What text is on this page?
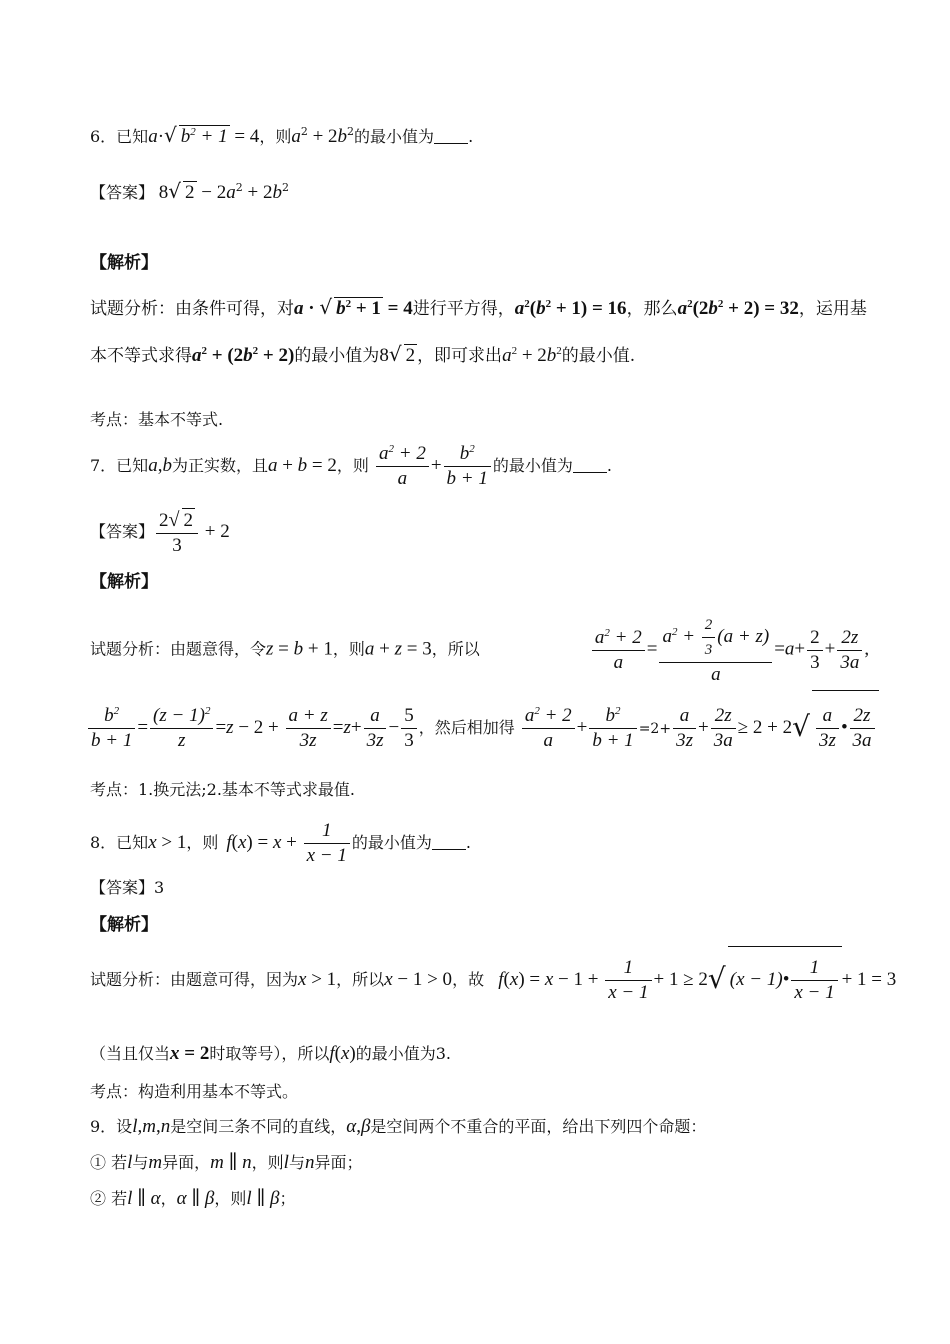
6．已知a·√ $b^2 + 1 = 4$，则$a^2 + 2b^2$的最小值为 .
【答案】 8√ $2 - 2a^2 + 2b^2$
【解析】
试题分析：由条件可得，对a · √ $b^2 + 1 = 4$进行平方得，$a^2(b^2 + 1) = 16$，那么$a^2(2b^2 + 2) = 32$，运用基
本不等式求得$a^2 + (2b^2 + 2)$的最小值为8√ 2 ，即可求出$a^2 + 2b^2$的最小值.
考点：基本不等式.
7．已知a,b为正实数，且a + b = 2，则 $\frac{a^2 + 2}{a} + \frac{b^2}{b + 1}$ 的最小值为 .
【答案】 $\frac{2√ 2}{3} + 2$
【解析】
试题分析：由题意得，令z = b + 1，则a + z = 3，所以	$\frac{a^2 + 2}{a} = \frac{a^2 + \frac{2}{3} (a + z)}{a} =a+ \frac{2}{3} + \frac{2z}{3a}$ ,
$\frac{b^2}{b + 1} = \frac{(z - 1)^2}{z} =z - 2 + \frac{a + z}{3z} =z+ \frac{a}{3z} - \frac{5}{3}$ ，然后相加得 $\frac{a^2 + 2}{a} + \frac{b^2}{b + 1} =2+ \frac{a}{3z} + \frac{2z}{3a} \ge 2 + 2√ \frac{a}{3z}$ • $\frac{2z}{3a}$
考点：1.换元法;2.基本不等式求最值.
8．已知x > 1，则 $f(x) = x + \frac{1}{x - 1}$ 的最小值为 .
【答案】3
【解析】
试题分析：由题意可得，因为x > 1，所以x − 1 > 0，故 $f(x) = x - 1 + \frac{1}{x - 1} + 1 \ge 2√$ (x − 1)• $\frac{1}{x - 1} + 1 = 3$
（当且仅当x = 2时取等号），所以f(x)的最小值为3.
考点：构造利用基本不等式。
9．设l,m,n是空间三条不同的直线，α,β是空间两个不重合的平面，给出下列四个命题：
① 若l与m异面，m ∥ n，则l与n异面；
② 若l ∥ α，α ∥ β，则l ∥ β；
